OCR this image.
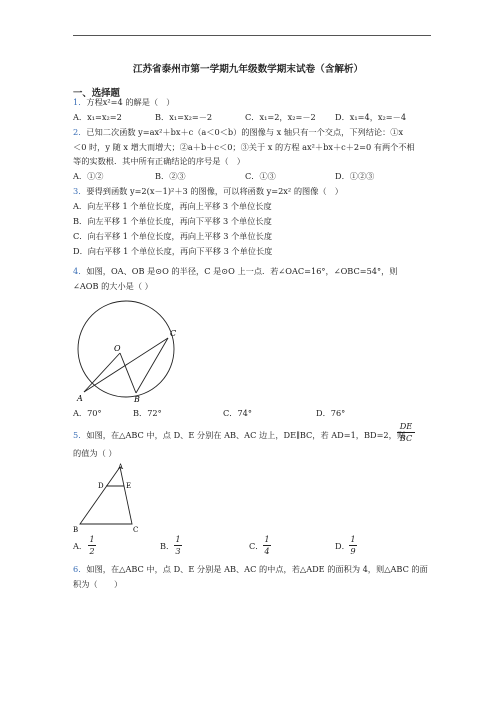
江苏省泰州市第一学期九年级数学期末试卷（含解析）
一、选择题
1．方程x²=4 的解是（　）
A．x₁=x₂=2	B．x₁=x₂=－2	C．x₁=2，x₂=－2 D．x₁=4，x₂=－4
2．已知二次函数 y=ax²＋bx＋c（a＜0＜b）的图像与 x 轴只有一个交点，下列结论：①x
＜0 时，y 随 x 增大而增大；②a＋b＋c＜0；③关于 x 的方程 ax²＋bx＋c＋2=0 有两个不相
等的实数根．其中所有正确结论的序号是（　）
A．①②	B．②③	C．①③	D．①②③
3．要得到函数 y=2(x－1)²＋3 的图像，可以将函数 y=2x² 的图像（　）
A．向左平移 1 个单位长度，再向上平移 3 个单位长度
B．向左平移 1 个单位长度，再向下平移 3 个单位长度
C．向右平移 1 个单位长度，再向上平移 3 个单位长度
D．向右平移 1 个单位长度，再向下平移 3 个单位长度
4．如图，OA、OB 是⊙O 的半径，C 是⊙O 上一点．若∠OAC=16°，∠OBC=54°，则
∠AOB 的大小是（ ）
O
A	B
C
A．70°	B．72°	C．74°	D．76°
5．如图，在△ABC 中，点 D、E 分别在 AB、AC 边上，DE∥BC，若 AD=1，BD=2，则
DE
BC
的值为（ ）
A
D	E
B	C
A．
1
2	B．
1
3	C．
1
4	D．
1
9
6．如图，在△ABC 中，点 D、E 分别是 AB、AC 的中点，若△ADE 的面积为 4，则△ABC 的面
积为（　　）
